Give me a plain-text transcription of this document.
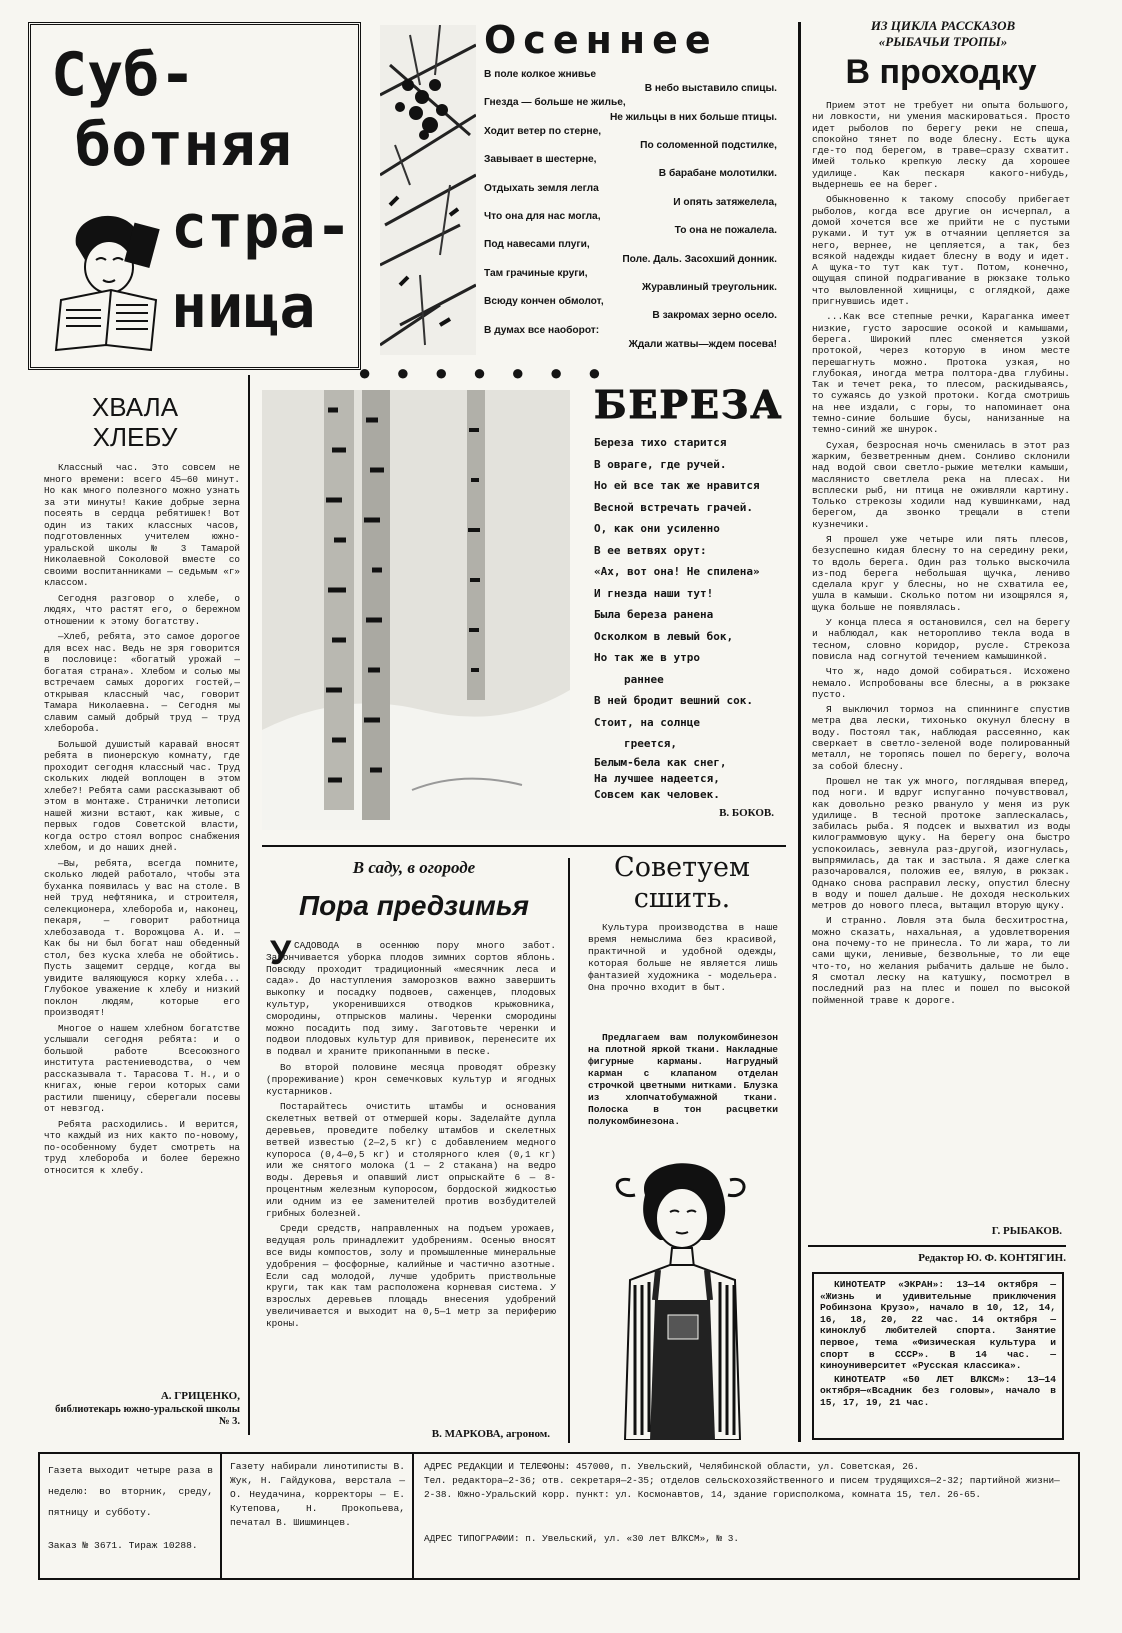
Суб-
ботняя
стра-
ница
●●●●●●●
Осеннее
В поле колкое жнивье
В небо выставило спицы.
Гнезда — больше не жилье,
Не жильцы в них больше птицы.
Ходит ветер по стерне,
По соломенной подстилке,
Завывает в шестерне,
В барабане молотилки.
Отдыхать земля легла
И опять затяжелела,
Что она для нас могла,
То она не пожалела.
Под навесами плуги,
Поле. Даль. Засохший донник.
Там грачиные круги,
Журавлиный треугольник.
Всюду кончен обмолот,
В закромах зерно осело.
В думах все наоборот:
Ждали жатвы—ждем посева!
ИЗ ЦИКЛА РАССКАЗОВ «РЫБАЧЬИ ТРОПЫ»
В проходку

Прием этот не требует ни опыта большого, ни ловкости, ни умения маскироваться. Просто идет рыболов по берегу реки не спеша, спокойно тянет по воде блесну. Есть щука где-то под берегом, в траве—сразу схватит. Имей только крепкую леску да хорошее удилище. Как пескаря какого-нибудь, выдернешь ее на берег.

Обыкновенно к такому способу прибегает рыболов, когда все другие он исчерпал, а домой хочется все же прийти не с пустыми руками. И тут уж в отчаянии цепляется за него, вернее, не цепляется, а так, без всякой надежды кидает блесну в воду и идет. А щука-то тут как тут. Потом, конечно, ощущая спиной подрагивание в рюкзаке только что выловленной хищницы, с оглядкой, даже пригнувшись идет.

...Как все степные речки, Караганка имеет низкие, густо заросшие осокой и камышами, берега. Широкий плес сменяется узкой протокой, через которую в ином месте перешагнуть можно. Протока узкая, но глубокая, иногда метра полтора-два глубины. Так и течет река, то плесом, раскидываясь, то сужаясь до узкой протоки. Когда смотришь на нее издали, с горы, то напоминает она темно-синие большие бусы, нанизанные на темно-синий же шнурок.

Сухая, безросная ночь сменилась в этот раз жарким, безветренным днем. Сонливо склонили над водой свои светло-рыжие метелки камыши, маслянисто светлела река на плесах. Ни всплески рыб, ни птица не оживляли картину. Только стрекозы ходили над кувшинками, над берегом, да звонко трещали в степи кузнечики.

Я прошел уже четыре или пять плесов, безуспешно кидая блесну то на середину реки, то вдоль берега. Один раз только выскочила из-под берега небольшая щучка, лениво сделала круг у блесны, но не схватила ее, ушла в камыши. Сколько потом ни изощрялся я, щука больше не появлялась.

У конца плеса я остановился, сел на берегу и наблюдал, как неторопливо текла вода в тесном, словно коридор, русле. Стрекоза повисла над согнутой течением камышинкой.

Что ж, надо домой собираться. Исхожено немало. Испробованы все блесны, а в рюкзаке пусто.

Я выключил тормоз на спиннинге спустив метра два лески, тихонько окунул блесну в воду. Постоял так, наблюдая рассеянно, как сверкает в светло-зеленой воде полированный металл, не торопясь пошел по берегу, волоча за собой блесну.

Прошел не так уж много, поглядывая вперед, под ноги. И вдруг испуганно почувствовал, как довольно резко рвануло у меня из рук удилище. В тесной протоке заплескалась, забилась рыба. Я подсек и выхватил из воды килограммовую щуку. На берегу она быстро успокоилась, зевнула раз-другой, изогнулась, выпрямилась, да так и застыла. Я даже слегка разочаровался, положив ее, вялую, в рюкзак. Однако снова расправил леску, опустил блесну в воду и пошел дальше. Не доходя нескольких метров до нового плеса, вытащил вторую щуку.

И странно. Ловля эта была бесхитростна, можно сказать, нахальная, а удовлетворения она почему-то не принесла. То ли жара, то ли сами щуки, ленивые, безвольные, то ли еще что-то, но желания рыбачить дальше не было. Я смотал леску на катушку, посмотрел в последний раз на плес и пошел по высокой пойменной траве к дороге.

Г. РЫБАКОВ.
Редактор Ю. Ф. КОНТЯГИН.

КИНОТЕАТР «ЭКРАН»: 13—14 октября — «Жизнь и удивительные приключения Робинзона Крузо», начало в 10, 12, 14, 16, 18, 20, 22 час. 14 октября — киноклуб любителей спорта. Занятие первое, тема «Физическая культура и спорт в СССР». В 14 час. — киноуниверситет «Русская классика».

КИНОТЕАТР «50 ЛЕТ ВЛКСМ»: 13—14 октября—«Всадник без головы», начало в 15, 17, 19, 21 час.

ХВАЛА
ХЛЕБУ

Классный час. Это совсем не много времени: всего 45—60 минут. Но как много полезного можно узнать за эти минуты! Какие добрые зерна посеять в сердца ребятишек! Вот один из таких классных часов, подготовленных учителем южно-уральской школы № 3 Тамарой Николаевной Соколовой вместе со своими воспитанниками — седьмым «г» классом.

Сегодня разговор о хлебе, о людях, что растят его, о бережном отношении к этому богатству.

—Хлеб, ребята, это самое дорогое для всех нас. Ведь не зря говорится в пословице: «богатый урожай — богатая страна». Хлебом и солью мы встречаем самых дорогих гостей,—открывая классный час, говорит Тамара Николаевна. — Сегодня мы славим самый добрый труд — труд хлебороба.

Большой душистый каравай вносят ребята в пионерскую комнату, где проходит сегодня классный час. Труд скольких людей воплощен в этом хлебе?! Ребята сами рассказывают об этом в монтаже. Странички летописи нашей жизни встают, как живые, с первых годов Советской власти, когда остро стоял вопрос снабжения хлебом, и до наших дней.

—Вы, ребята, всегда помните, сколько людей работало, чтобы эта буханка появилась у вас на столе. В ней труд нефтяника, и строителя, селекционера, хлебороба и, наконец, пекаря, — говорит работница хлебозавода т. Ворожцова А. И. — Как бы ни был богат наш обеденный стол, без куска хлеба не обойтись. Пусть защемит сердце, когда вы увидите валяющуюся корку хлеба... Глубокое уважение к хлебу и низкий поклон людям, которые его производят!

Многое о нашем хлебном богатстве услышали сегодня ребята: и о большой работе Всесоюзного института растениеводства, о чем рассказывала т. Тарасова Т. Н., и о книгах, юные герои которых сами растили пшеницу, сберегали посевы от невзгод.

Ребята расходились. И верится, что каждый из них както по-новому, по-особенному будет смотреть на труд хлебороба и более бережно относится к хлебу.

А. ГРИЦЕНКО,
библиотекарь южно-уральской школы № 3.
БЕРЕЗА
Береза тихо старится
В овраге, где ручей.
Но ей все так же нравится
Весной встречать грачей.
О, как они усиленно
В ее ветвях орут:
«Ах, вот она! Не спилена»
И гнезда наши тут!
Была береза ранена
Осколком в левый бок,
Но так же в утро
раннее
В ней бродит вешний сок.
Стоит, на солнце
греется,
Белым-бела как снег,
На лучшее надеется,
Совсем как человек.
В. БОКОВ.
В саду, в огороде
Пора предзимья
У САДОВОДА в осеннюю пору много забот. Закончивается уборка плодов зимних сортов яблонь. Повсюду проходит традиционный «месячник леса и сада». До наступления заморозков важно завершить выкопку и посадку подвоев, саженцев, плодовых культур, укоренившихся отводков крыжовника, смородины, отпрысков малины. Черенки смородины можно посадить под зиму. Заготовьте черенки и подвои плодовых культур для прививок, перенесите их в подвал и храните прикопанными в песке.

Во второй половине месяца проводят обрезку (прореживание) крон семечковых культур и ягодных кустарников.

Постарайтесь очистить штамбы и основания скелетных ветвей от отмершей коры. Заделайте дупла деревьев, проведите побелку штамбов и скелетных ветвей известью (2—2,5 кг) с добавлением медного купороса (0,4—0,5 кг) и столярного клея (0,1 кг) или же снятого молока (1 — 2 стакана) на ведро воды. Деревья и опавший лист опрыскайте 6 — 8-процентным железным купоросом, бордоской жидкостью или одним из ее заменителей против возбудителей грибных болезней.

Среди средств, направленных на подъем урожаев, ведущая роль принадлежит удобрениям. Осенью вносят все виды компостов, золу и промышленные минеральные удобрения — фосфорные, калийные и частично азотные. Если сад молодой, лучше удобрить приствольные круги, так как там расположена корневая система. У взрослых деревьев площадь внесения удобрений увеличивается и выходит на 0,5—1 метр за периферию кроны.

В. МАРКОВА, агроном.
Советуем сшить.
Культура производства в наше время немыслима без красивой, практичной и удобной одежды, которая больше не является лишь фантазией художника - модельера. Она прочно входит в быт.
Предлагаем вам полукомбинезон на плотной яркой ткани. Накладные фигурные карманы. Нагрудный карман с клапаном отделан строчкой цветными нитками. Блузка из хлопчатобумажной ткани. Полоска в тон расцветки полукомбинезона.
Газета выходит четыре раза в неделю: во вторник, среду, пятницу и субботу.
Заказ № 3671. Тираж 10288.
Газету набирали линотиписты В. Жук, Н. Гайдукова, верстала — О. Неудачина, корректоры — Е. Кутепова, Н. Прокопьева, печатал В. Шишминцев.
АДРЕС РЕДАКЦИИ И ТЕЛЕФОНЫ: 457000, п. Увельский, Челябинской области, ул. Советская, 26.
Тел. редактора—2-36; отв. секретаря—2-35; отделов сельскохозяйственного и писем трудящихся—2-32; партийной жизни—2-38. Южно-Уральский корр. пункт: ул. Космонавтов, 14, здание горисполкома, комната 15, тел. 26-65.
АДРЕС ТИПОГРАФИИ: п. Увельский, ул. «30 лет ВЛКСМ», № 3.
